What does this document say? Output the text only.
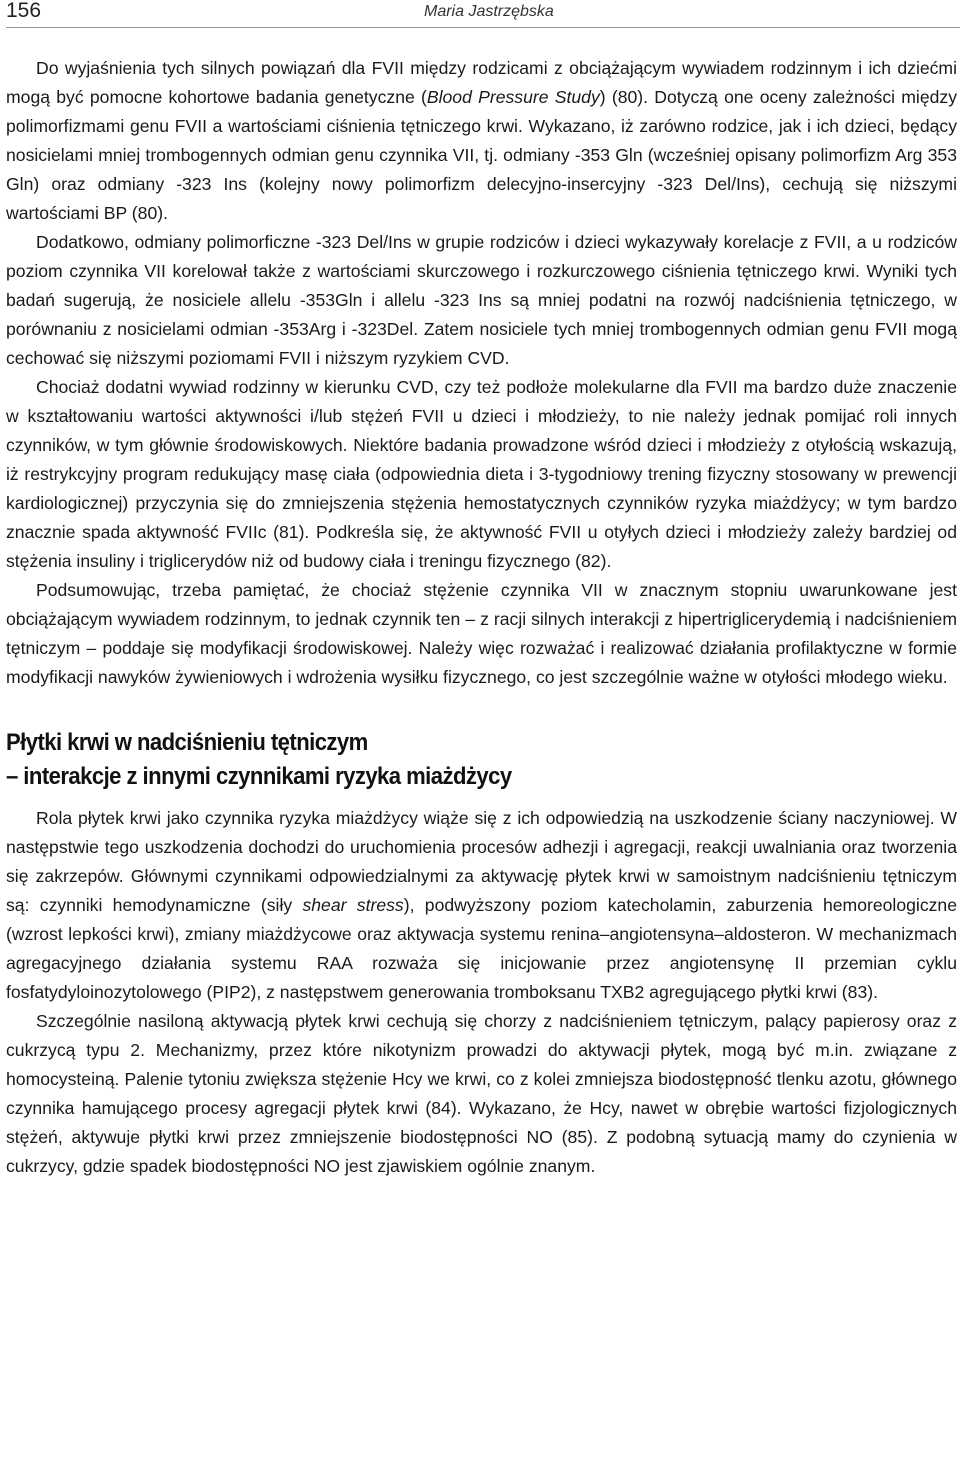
156	Maria Jastrzębska

Do wyjaśnienia tych silnych powiązań dla FVII między rodzicami z obciążającym wywiadem rodzinnym i ich dziećmi mogą być pomocne kohortowe badania genetyczne (Blood Pressure Study) (80). Dotyczą one oceny zależności między polimorfizmami genu FVII a wartościami ciśnienia tętniczego krwi. Wykazano, iż zarówno rodzice, jak i ich dzieci, będący nosicielami mniej trombogennych odmian genu czynnika VII, tj. odmiany -353 Gln (wcześniej opisany polimorfizm Arg 353 Gln) oraz odmiany -323 Ins (kolejny nowy polimorfizm delecyjno-insercyjny -323 Del/Ins), cechują się niższymi wartościami BP (80).

Dodatkowo, odmiany polimorficzne -323 Del/Ins w grupie rodziców i dzieci wykazywały korelacje z FVII, a u rodziców poziom czynnika VII korelował także z wartościami skurczowego i rozkurczowego ciśnienia tętniczego krwi. Wyniki tych badań sugerują, że nosiciele allelu -353Gln i allelu -323 Ins są mniej podatni na rozwój nadciśnienia tętniczego, w porównaniu z nosicielami odmian -353Arg i -323Del. Zatem nosiciele tych mniej trombogennych odmian genu FVII mogą cechować się niższymi poziomami FVII i niższym ryzykiem CVD.

Chociaż dodatni wywiad rodzinny w kierunku CVD, czy też podłoże molekularne dla FVII ma bardzo duże znaczenie w kształtowaniu wartości aktywności i/lub stężeń FVII u dzieci i młodzieży, to nie należy jednak pomijać roli innych czynników, w tym głównie środowiskowych. Niektóre badania prowadzone wśród dzieci i młodzieży z otyłością wskazują, iż restrykcyjny program redukujący masę ciała (odpowiednia dieta i 3-tygodniowy trening fizyczny stosowany w prewencji kardiologicznej) przyczynia się do zmniejszenia stężenia hemostatycznych czynników ryzyka miażdżycy; w tym bardzo znacznie spada aktywność FVIIc (81). Podkreśla się, że aktywność FVII u otyłych dzieci i młodzieży zależy bardziej od stężenia insuliny i triglicerydów niż od budowy ciała i treningu fizycznego (82).

Podsumowując, trzeba pamiętać, że chociaż stężenie czynnika VII w znacznym stopniu uwarunkowane jest obciążającym wywiadem rodzinnym, to jednak czynnik ten – z racji silnych interakcji z hipertriglicerydemią i nadciśnieniem tętniczym – poddaje się modyfikacji środowiskowej. Należy więc rozważać i realizować działania profilaktyczne w formie modyfikacji nawyków żywieniowych i wdrożenia wysiłku fizycznego, co jest szczególnie ważne w otyłości młodego wieku.

Płytki krwi w nadciśnieniu tętniczym
– interakcje z innymi czynnikami ryzyka miażdżycy

Rola płytek krwi jako czynnika ryzyka miażdżycy wiąże się z ich odpowiedzią na uszkodzenie ściany naczyniowej. W następstwie tego uszkodzenia dochodzi do uruchomienia procesów adhezji i agregacji, reakcji uwalniania oraz tworzenia się zakrzepów. Głównymi czynnikami odpowiedzialnymi za aktywację płytek krwi w samoistnym nadciśnieniu tętniczym są: czynniki hemodynamiczne (siły shear stress), podwyższony poziom katecholamin, zaburzenia hemoreologiczne (wzrost lepkości krwi), zmiany miażdżycowe oraz aktywacja systemu renina–angiotensyna–aldosteron. W mechanizmach agregacyjnego działania systemu RAA rozważa się inicjowanie przez angiotensynę II przemian cyklu fosfatydyloinozytolowego (PIP2), z następstwem generowania tromboksanu TXB2 agregującego płytki krwi (83).

Szczególnie nasiloną aktywacją płytek krwi cechują się chorzy z nadciśnieniem tętniczym, palący papierosy oraz z cukrzycą typu 2. Mechanizmy, przez które nikotynizm prowadzi do aktywacji płytek, mogą być m.in. związane z homocysteiną. Palenie tytoniu zwiększa stężenie Hcy we krwi, co z kolei zmniejsza biodostępność tlenku azotu, głównego czynnika hamującego procesy agregacji płytek krwi (84). Wykazano, że Hcy, nawet w obrębie wartości fizjologicznych stężeń, aktywuje płytki krwi przez zmniejszenie biodostępności NO (85). Z podobną sytuacją mamy do czynienia w cukrzycy, gdzie spadek biodostępności NO jest zjawiskiem ogólnie znanym.
